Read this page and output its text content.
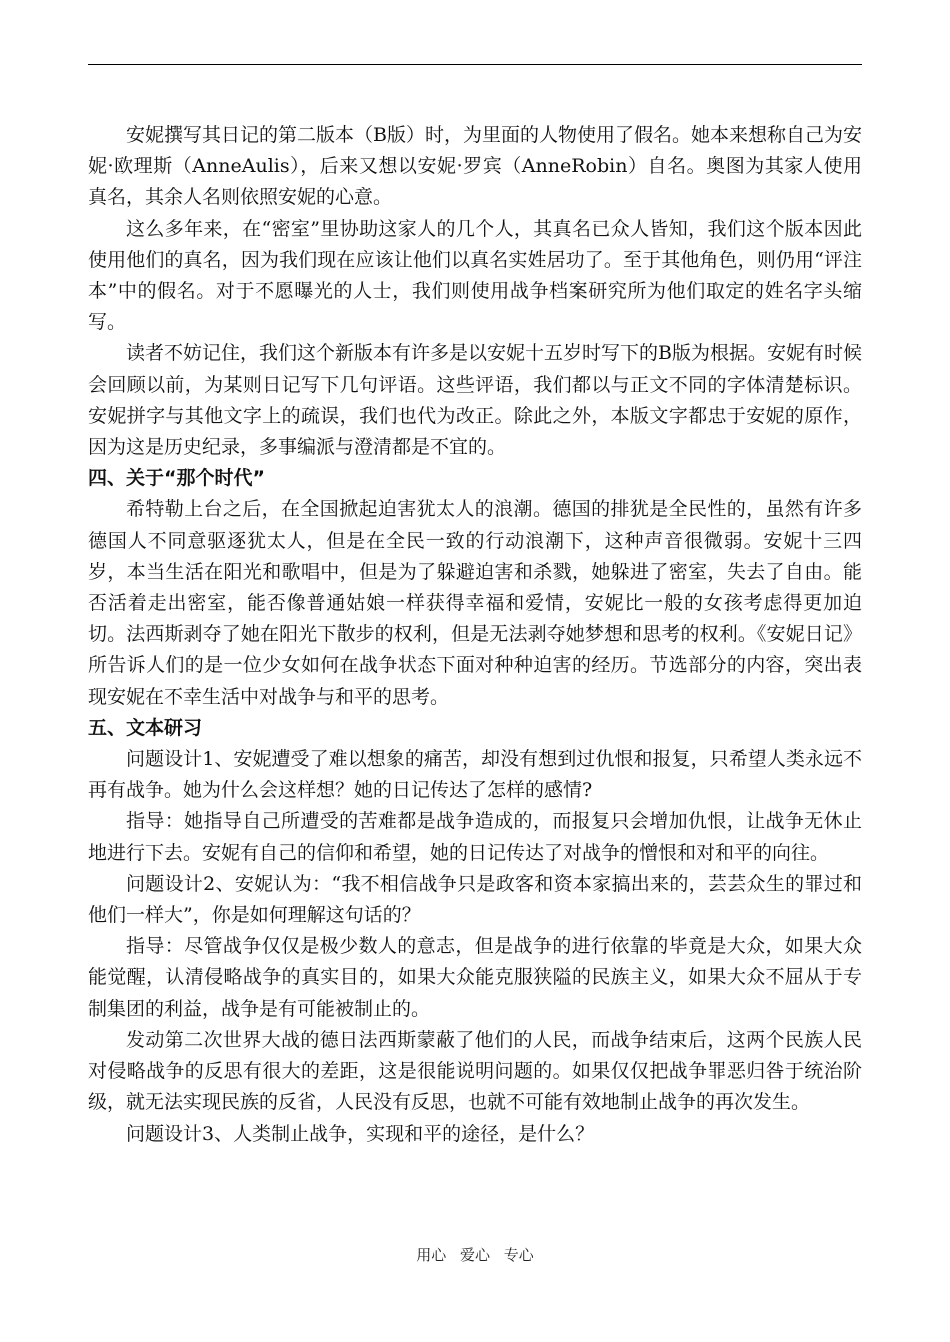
安妮撰写其日记的第二版本（B版）时，为里面的人物使用了假名。她本来想称自己为安妮·欧理斯（AnneAulis），后来又想以安妮·罗宾（AnneRobin）自名。奥图为其家人使用真名，其余人名则依照安妮的心意。

这么多年来，在“密室”里协助这家人的几个人，其真名已众人皆知，我们这个版本因此使用他们的真名，因为我们现在应该让他们以真名实姓居功了。至于其他角色，则仍用“评注本”中的假名。对于不愿曝光的人士，我们则使用战争档案研究所为他们取定的姓名字头缩写。

读者不妨记住，我们这个新版本有许多是以安妮十五岁时写下的B版为根据。安妮有时候会回顾以前，为某则日记写下几句评语。这些评语，我们都以与正文不同的字体清楚标识。安妮拼字与其他文字上的疏误，我们也代为改正。除此之外，本版文字都忠于安妮的原作，因为这是历史纪录，多事编派与澄清都是不宜的。

四、关于“那个时代”

希特勒上台之后，在全国掀起迫害犹太人的浪潮。德国的排犹是全民性的，虽然有许多德国人不同意驱逐犹太人，但是在全民一致的行动浪潮下，这种声音很微弱。安妮十三四岁，本当生活在阳光和歌唱中，但是为了躲避迫害和杀戮，她躲进了密室，失去了自由。能否活着走出密室，能否像普通姑娘一样获得幸福和爱情，安妮比一般的女孩考虑得更加迫切。法西斯剥夺了她在阳光下散步的权利，但是无法剥夺她梦想和思考的权利。《安妮日记》所告诉人们的是一位少女如何在战争状态下面对种种迫害的经历。节选部分的内容，突出表现安妮在不幸生活中对战争与和平的思考。

五、文本研习

问题设计1、安妮遭受了难以想象的痛苦，却没有想到过仇恨和报复，只希望人类永远不再有战争。她为什么会这样想？她的日记传达了怎样的感情?

指导：她指导自己所遭受的苦难都是战争造成的，而报复只会增加仇恨，让战争无休止地进行下去。安妮有自己的信仰和希望，她的日记传达了对战争的憎恨和对和平的向往。

问题设计2、安妮认为：“我不相信战争只是政客和资本家搞出来的，芸芸众生的罪过和他们一样大”，你是如何理解这句话的？

指导：尽管战争仅仅是极少数人的意志，但是战争的进行依靠的毕竟是大众，如果大众能觉醒，认清侵略战争的真实目的，如果大众能克服狭隘的民族主义，如果大众不屈从于专制集团的利益，战争是有可能被制止的。

发动第二次世界大战的德日法西斯蒙蔽了他们的人民，而战争结束后，这两个民族人民对侵略战争的反思有很大的差距，这是很能说明问题的。如果仅仅把战争罪恶归咎于统治阶级，就无法实现民族的反省，人民没有反思，也就不可能有效地制止战争的再次发生。

问题设计3、人类制止战争，实现和平的途径，是什么？

用心 爱心 专心
